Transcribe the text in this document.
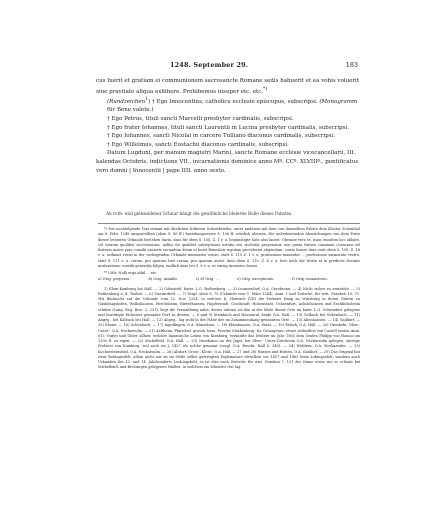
1248. September 29.	183

cus fuerit et gratiam ei communionem sacrosancte Romane sedis habuerit et ea vobis voluerit sine pravitate aliqua exhibere. Prohibemus insuper etc. etc.*).

(Rundzeichen$^1$) † Ego Innocentius, catholice ecclesie episcopus, subscripsi. (Monogramm für Bene valete.)

† Ego Petrus, tituli sancti Marcelli presbyter cardinalis, subscripsi.

† Ego frater Iohannes, tituli sancti Laurentii in Lucina presbyter cardinalis, subscripsi.

† Ego Iohannes, sancti Nicolai in carcere Tulliano diaconus cardinalis, subscripsi.

† Ego Willelmus, sancti Eustachii diaconus cardinalis, subscripsi.

Datum Lugduni, per manum magistri Marini, sancte Romane ecclesie vicecancellarii, III. kalendas Octobris, indictione VII., incarnationis dominice anno Mº. CCº. XLVIIIº., pontificatus vero domni | Innocentii | pape IIII. anno sexto.

An roth- und gelbseidener Schnur hängt die gewöhnliche bleierne Bulle dieses Pabstes.

*) Der nachfolgende Text stimmt mit ähnlichen früheren Schutzbriefen, unter anderem mit dem von demselben Pabste dem Kloster Schönthal am 8. Febr. 1248 ausgestellten (oben S. 86 ff.) beziehungsweise S. 108 ff. wörtlich überein. Die unbedeutenden Abweichungen von dem Texte dieser letzteren Urkunde bestehen darin, dass für oben S. 108, Z. 1 v. u. begünstigte Satz also lautet: Obeunte vero te, nunc eiusdem loci abbate, vel tuorum quolibet successorum, nullus ibi qualibet subreptionis astutia seu violentia preponatur, nisi quem fratres communi consensu vel fratrum maior pars consilii sanioris secundum deum et beati Benedicti regulam providerint eligendum, sowie ferner dass statt oben S. 109, Z. 18 v. u. ordinari vestri in der vorliegenden Urkunde memorato vestro, statt S. 110 Z. 1 v. u. professione maneatur ... professione memorato vestro, statt S. 111 v. u. carum, pro quarum biet carum, pro quarum ausht, dass eben S. 110, Z. 4 v. u. hier noch die Worte et in predictis decimis moderatione consilii generalis folgen, endlich dass bei S. 8 v. u. es einzig incensivo heisst.

**) Mit: Nulli ergo nihil ... etc.

a) Orig. properas.	b) Orig. Amnilii.	c) d) Orig. ...	e) Orig. exceptionis.	f) Orig. monasterio.

1) Klein-Komburg bei Hall. — 2) Gebsattel, baier. L.G. Rothenburg. — 3) Loutzendorf, O.A. Gerabronn. — 4) Nicht sicher zu ermitteln. — 5) Rothenburg a. d. Tauber. — 6) Unermittelt. — 7) Vergl. oben S. 75 (Urkunde vom 1. März 1244), Anm. 1 und Zeitsche. für wirt. Franken 10, 75. Mit Rücksicht auf die Urkunde vom 22. Nov. 1254, in welcher K. Heinrich (VII) die Probstei Haag zu Würzburg in ihrem Gütern zu Gaukönigshofen, Wolkshausen, Herchsheim, Bütterhausen, Hopferstadt, Goodstadt, Hohenstadt, Ochsenfurt, Acholshausen und Eschbichsheim schützt (Lang, Reg. Boic. 2, 231), liegt die Vermuthung nahe, dieses Aderns sei das in der Mitte dieser Orte im baier. L.G. Ochsenfurt gelegene und bestätigte Eichelsee genannte Dorf zu deuten. — 8 und 9) Steinbach und Hessental, beide O.A. Hall. — 10) Gelbach bei Gebenbach. — 11) Abgeg., bei Kalbach bei Hall. — 12) Abgeg., lag wohl in der Nähe der im Zusammenhang genannten Orte. — 13) Abenhausen. — 14) Gaildorf. — 15) Eheim. — 16) Schönbach. — 17) Ingelfingen, O.A. Künzelsau. — 18) Kleinhausen, O.A. Staat. — 19) Erlach, O.A. Hall. — 20) Grimbeln, Ober-, Unter-, O.A. Neckarsulm. — 21) Aeltheim, Pfarrdorf, grossh. hess. Provinz Starkenburg, Kr. Grossgerau, etwas südöstlich von Castell (unten Anm. 61); Vogtei und Güter allhier, welcher hanauische Lehen von Komburg, verkaufte das letztere im Jahr 1565 dem Grafen Philipp von Hanau um 1300 fl. zu eigen. — 22) Michelfeld, O.A. Hall. — 23) Nussbaum an der Jagst, bei Ober-, Unter-Griesheim O.A. Neckarsulm gelegen, einstige Probstei von Komburg, wol noch im J. 1457 als solche genannt (vergl. O.A. Beschr. Hall S. 340). — 24) Widdern, O.A. Neckarsulm. — 25) Kochersteinsfeld, O.A. Neckarsulm. — 26) Altdorf, Gross-, Klein-, O.A. Hall. — 27 und 28) Hassen und Hütten, O.A. Gaildorf. — 29) Das Original hat zwar Bohingesfelt, allein nicht nur ist im Stifte selbst gefertigten Diplomatare dieselben vor 1457 und 1463 beim Lehingesfelt, sondern auch Urkunden des 13. und 14. Jahrhunderts Leohingsfeld; es ist dies nach Zeitschr. für wirt. Franken 7, 151 der Name eines wie es scheint bei Michelbach und Bretzingen gelegenen Waldes, in welchem ein lebender Gut lag.
